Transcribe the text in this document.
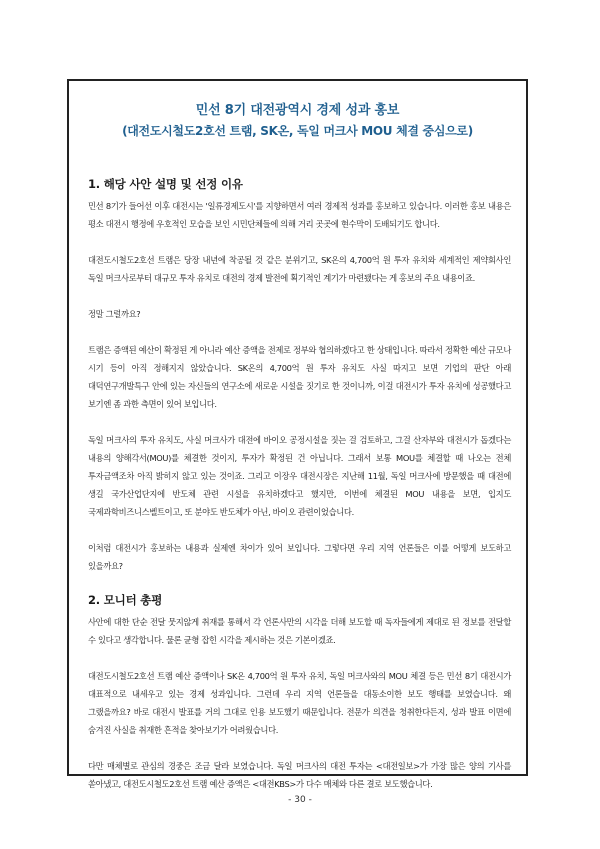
민선 8기 대전광역시 경제 성과 홍보
(대전도시철도2호선 트램, SK온, 독일 머크사 MOU 체결 중심으로)
1. 해당 사안 설명 및 선정 이유

민선 8기가 들어선 이후 대전시는 '일류경제도시'를 지향하면서 여러 경제적 성과를 홍보하고 있습니다. 이러한 홍보 내용은 평소 대전시 행정에 우호적인 모습을 보인 시민단체들에 의해 거리 곳곳에 현수막이 도배되기도 합니다.

대전도시철도2호선 트램은 당장 내년에 착공될 것 같은 분위기고, SK온의 4,700억 원 투자 유치와 세계적인 제약회사인 독일 머크사로부터 대규모 투자 유치로 대전의 경제 발전에 획기적인 계기가 마련됐다는 게 홍보의 주요 내용이죠.

정말 그럴까요?

트램은 증액된 예산이 확정된 게 아니라 예산 증액을 전제로 정부와 협의하겠다고 한 상태입니다. 따라서 정확한 예산 규모나 시기 등이 아직 정해지지 않았습니다. SK온의 4,700억 원 투자 유치도 사실 따지고 보면 기업의 판단 아래 대덕연구개발특구 안에 있는 자신들의 연구소에 새로운 시설을 짓기로 한 것이니까, 이걸 대전시가 투자 유치에 성공했다고 보기엔 좀 과한 측면이 있어 보입니다.

독일 머크사의 투자 유치도, 사실 머크사가 대전에 바이오 공정시설을 짓는 걸 검토하고, 그걸 산자부와 대전시가 돕겠다는 내용의 양해각서(MOU)를 체결한 것이지, 투자가 확정된 건 아닙니다. 그래서 보통 MOU를 체결할 때 나오는 전체 투자금액조차 아직 밝히지 않고 있는 것이죠. 그리고 이장우 대전시장은 지난해 11월, 독일 머크사에 방문했을 때 대전에 생길 국가산업단지에 반도체 관련 시설을 유치하겠다고 했지만, 이번에 체결된 MOU 내용을 보면, 입지도 국제과학비즈니스벨트이고, 또 분야도 반도체가 아닌, 바이오 관련이었습니다.

이처럼 대전시가 홍보하는 내용과 실제엔 차이가 있어 보입니다. 그렇다면 우리 지역 언론들은 이를 어떻게 보도하고 있을까요?

2. 모니터 총평

사안에 대한 단순 전달 뭇지않게 취재를 통해서 각 언론사만의 시각을 더해 보도할 때 독자들에게 제대로 된 정보를 전달할 수 있다고 생각합니다. 물론 균형 잡힌 시각을 제시하는 것은 기본이겠죠.

대전도시철도2호선 트램 예산 증액이나 SK온 4,700억 원 투자 유치, 독일 머크사와의 MOU 체결 등은 민선 8기 대전시가 대표적으로 내세우고 있는 경제 성과입니다. 그런데 우리 지역 언론들을 대동소이한 보도 행태를 보였습니다. 왜 그랬을까요? 바로 대전시 발표를 거의 그대로 인용 보도했기 때문입니다. 전문가 의견을 청취한다든지, 성과 발표 이면에 숨겨진 사실을 취재한 흔적을 찾아보기가 어려웠습니다.

다만 매체별로 관심의 경중은 조금 달라 보였습니다. 독일 머크사의 대전 투자는 <대전일보>가 가장 많은 양의 기사를 쏟아냈고, 대전도시철도2호선 트램 예산 증액은 <대전KBS>가 다수 매체와 다른 결로 보도했습니다.

- 30 -
